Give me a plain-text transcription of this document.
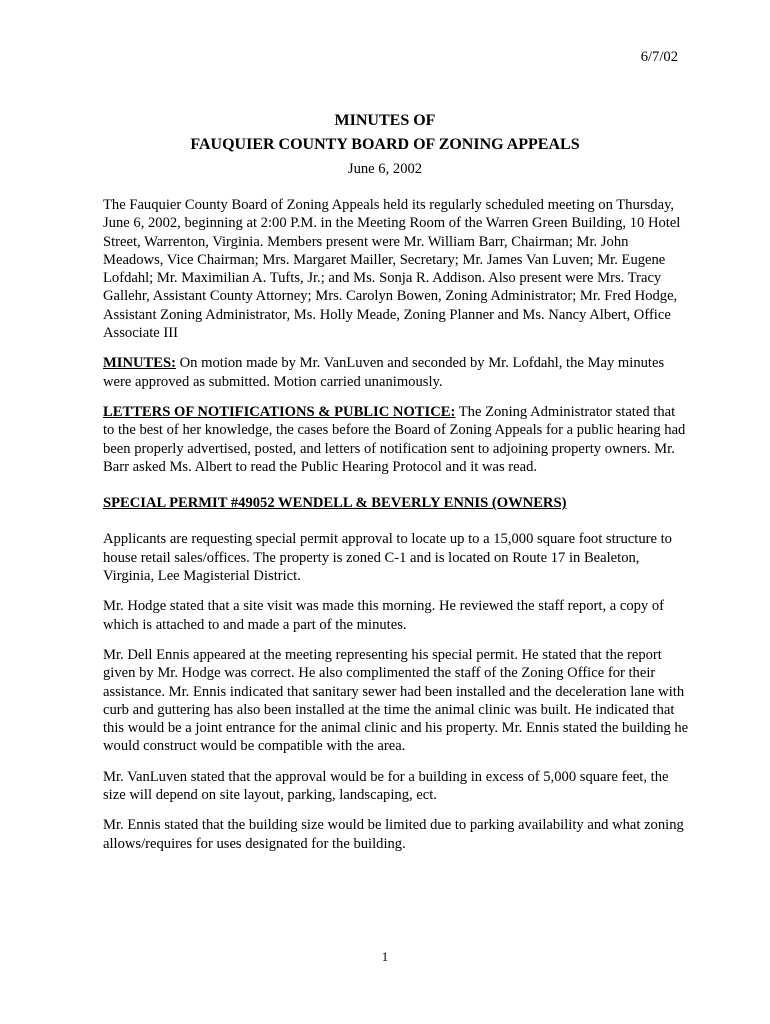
6/7/02
MINUTES OF
FAUQUIER COUNTY BOARD OF ZONING APPEALS
June 6, 2002

The Fauquier County Board of Zoning Appeals held its regularly scheduled meeting on Thursday, June 6, 2002, beginning at 2:00 P.M. in the Meeting Room of the Warren Green Building, 10 Hotel Street, Warrenton, Virginia. Members present were Mr. William Barr, Chairman; Mr. John Meadows, Vice Chairman; Mrs. Margaret Mailler, Secretary; Mr. James Van Luven; Mr. Eugene Lofdahl; Mr. Maximilian A. Tufts, Jr.; and Ms. Sonja R. Addison. Also present were Mrs. Tracy Gallehr, Assistant County Attorney; Mrs. Carolyn Bowen, Zoning Administrator; Mr. Fred Hodge, Assistant Zoning Administrator, Ms. Holly Meade, Zoning Planner and Ms. Nancy Albert, Office Associate III

MINUTES: On motion made by Mr. VanLuven and seconded by Mr. Lofdahl, the May minutes were approved as submitted. Motion carried unanimously.

LETTERS OF NOTIFICATIONS & PUBLIC NOTICE: The Zoning Administrator stated that to the best of her knowledge, the cases before the Board of Zoning Appeals for a public hearing had been properly advertised, posted, and letters of notification sent to adjoining property owners. Mr. Barr asked Ms. Albert to read the Public Hearing Protocol and it was read.

SPECIAL PERMIT #49052 WENDELL & BEVERLY ENNIS (OWNERS)

Applicants are requesting special permit approval to locate up to a 15,000 square foot structure to house retail sales/offices. The property is zoned C-1 and is located on Route 17 in Bealeton, Virginia, Lee Magisterial District.

Mr. Hodge stated that a site visit was made this morning. He reviewed the staff report, a copy of which is attached to and made a part of the minutes.

Mr. Dell Ennis appeared at the meeting representing his special permit. He stated that the report given by Mr. Hodge was correct. He also complimented the staff of the Zoning Office for their assistance. Mr. Ennis indicated that sanitary sewer had been installed and the deceleration lane with curb and guttering has also been installed at the time the animal clinic was built. He indicated that this would be a joint entrance for the animal clinic and his property. Mr. Ennis stated the building he would construct would be compatible with the area.

Mr. VanLuven stated that the approval would be for a building in excess of 5,000 square feet, the size will depend on site layout, parking, landscaping, ect.

Mr. Ennis stated that the building size would be limited due to parking availability and what zoning allows/requires for uses designated for the building.

1
